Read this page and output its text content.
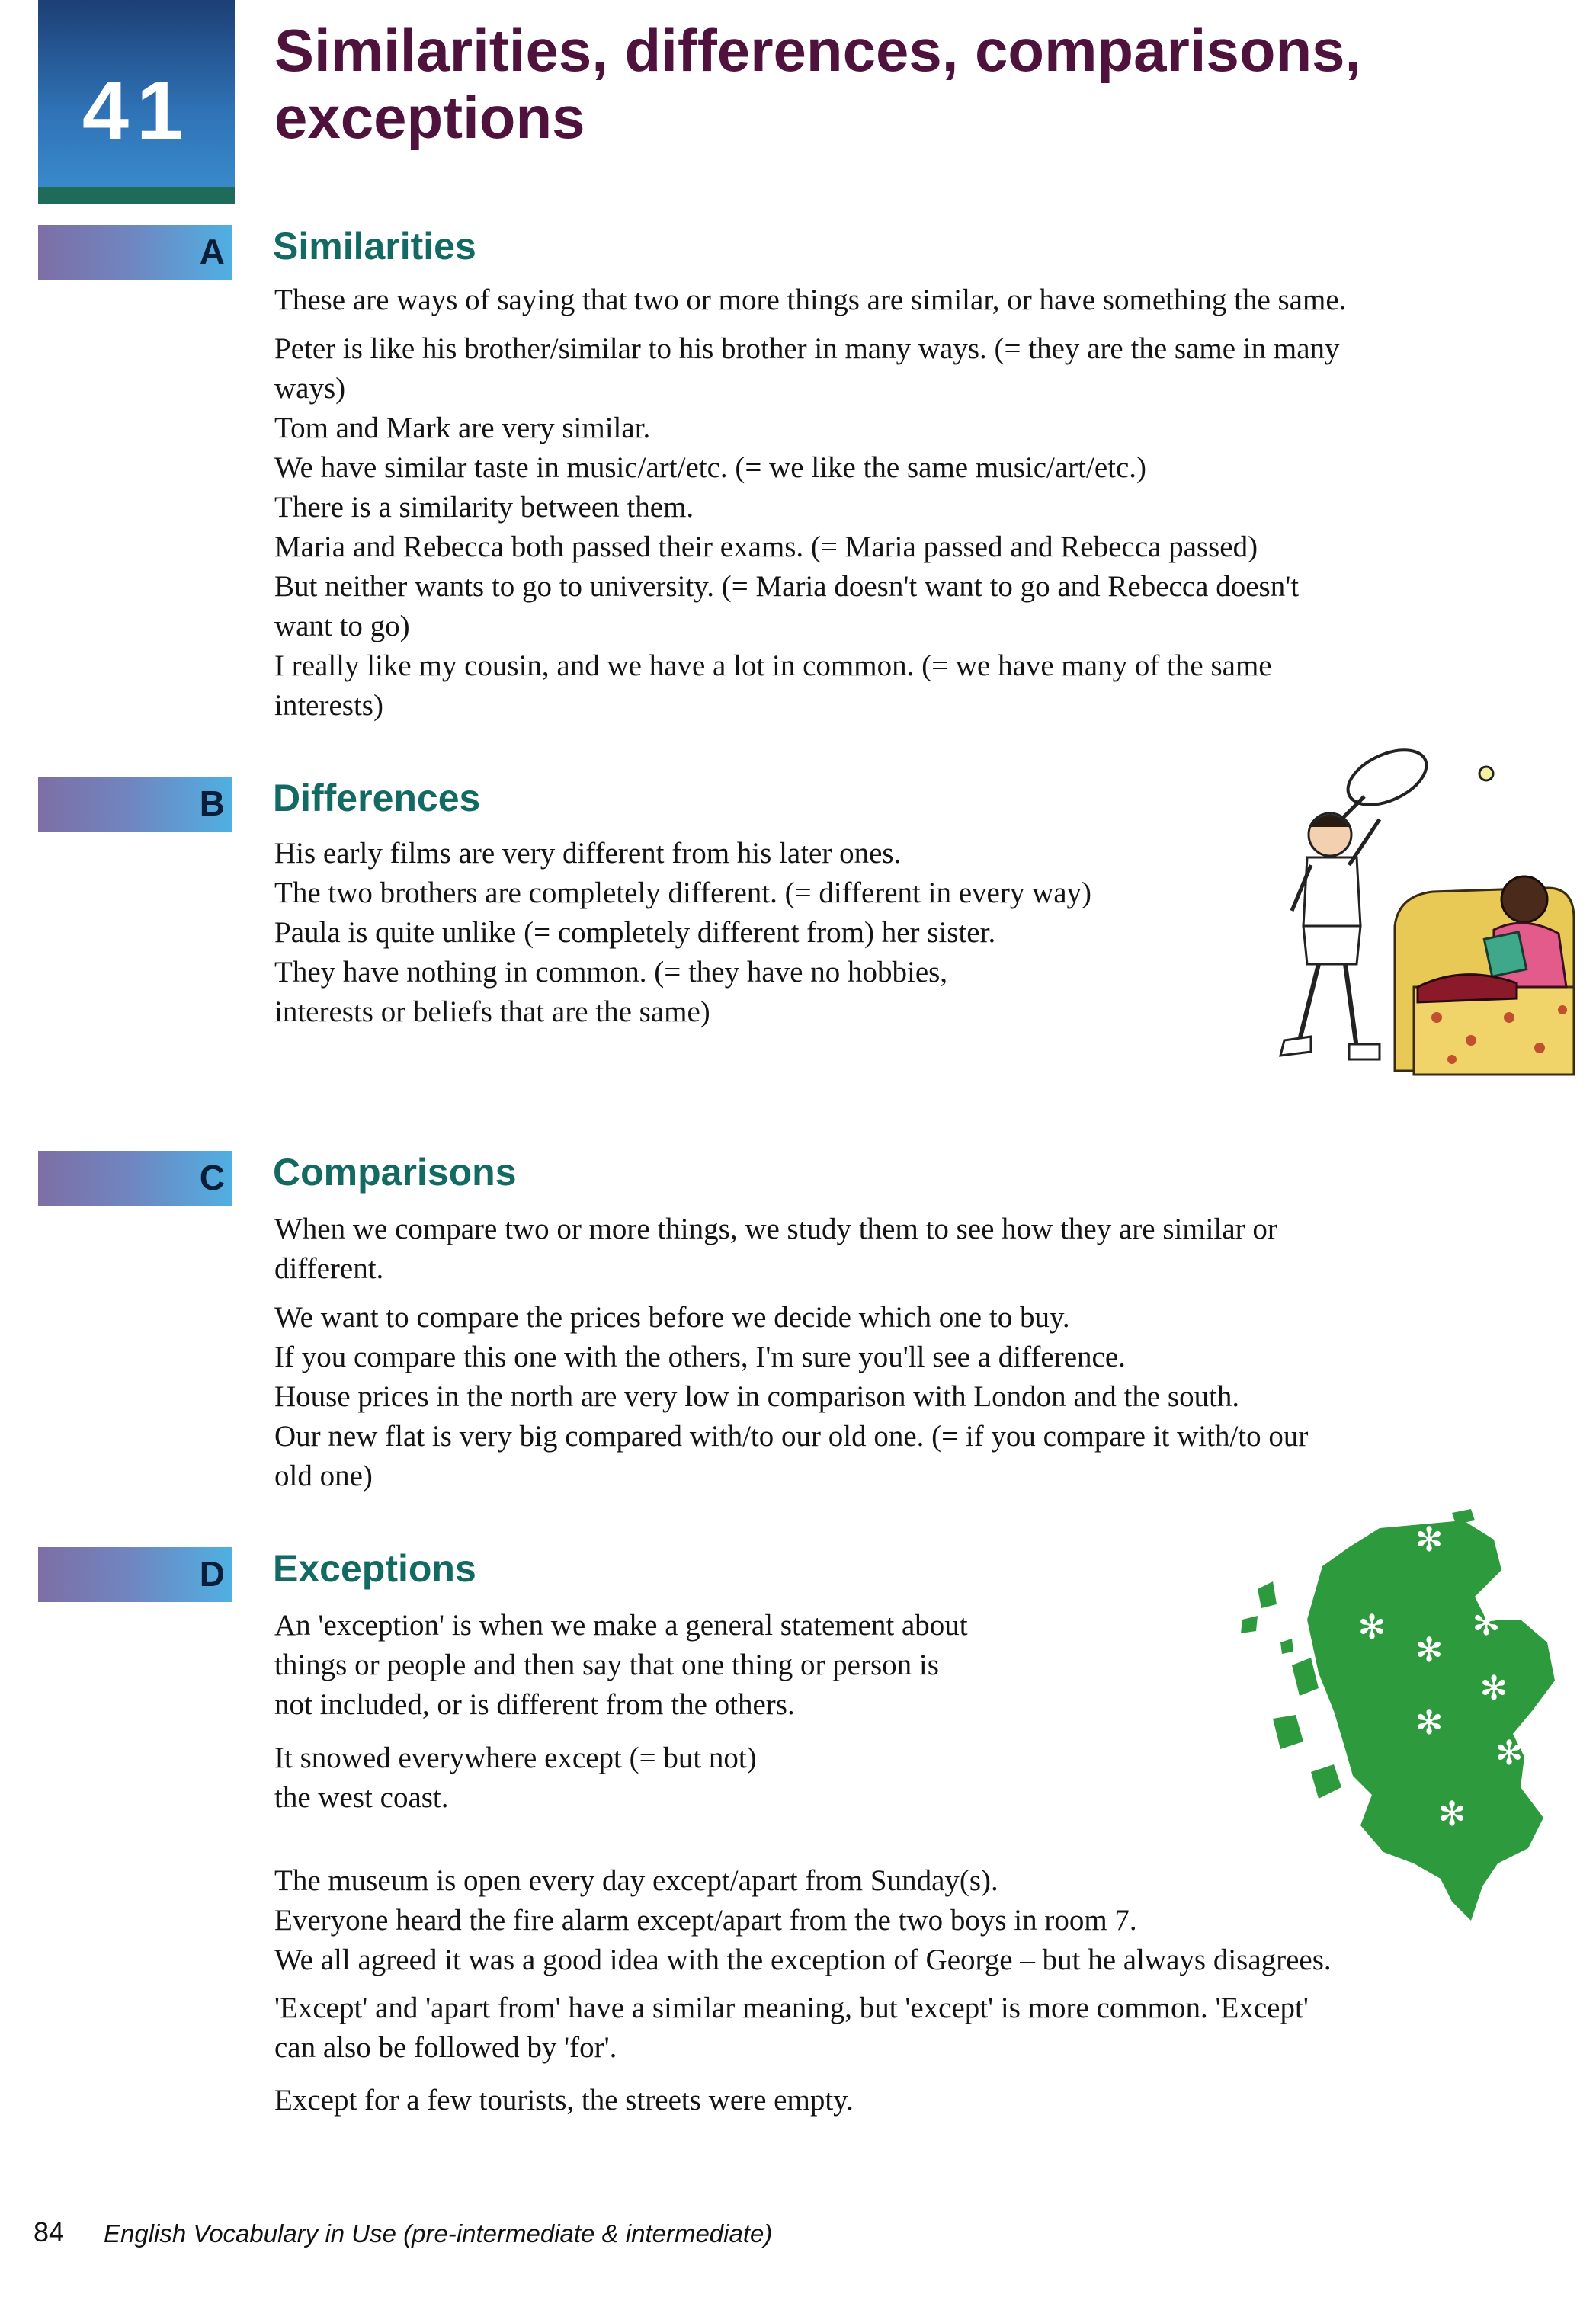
41
Similarities, differences, comparisons, exceptions
A Similarities

These are ways of saying that two or more things are similar, or have something the same.

Peter is like his brother/similar to his brother in many ways. (= they are the same in many
ways)
Tom and Mark are very similar.
We have similar taste in music/art/etc. (= we like the same music/art/etc.)
There is a similarity between them.
Maria and Rebecca both passed their exams. (= Maria passed and Rebecca passed)
But neither wants to go to university. (= Maria doesn't want to go and Rebecca doesn't
want to go)
I really like my cousin, and we have a lot in common. (= we have many of the same
interests)
B Differences
His early films are very different from his later ones.
The two brothers are completely different. (= different in every way)
Paula is quite unlike (= completely different from) her sister.
They have nothing in common. (= they have no hobbies,
interests or beliefs that are the same)
C Comparisons
When we compare two or more things, we study them to see how they are similar or
different.
We want to compare the prices before we decide which one to buy.
If you compare this one with the others, I'm sure you'll see a difference.
House prices in the north are very low in comparison with London and the south.
Our new flat is very big compared with/to our old one. (= if you compare it with/to our
old one)
D Exceptions
An 'exception' is when we make a general statement about
things or people and then say that one thing or person is
not included, or is different from the others.
It snowed everywhere except (= but not)
the west coast.
✻
✻
✻
✻
✻
✻
✻
✻
The museum is open every day except/apart from Sunday(s).
Everyone heard the fire alarm except/apart from the two boys in room 7.
We all agreed it was a good idea with the exception of George – but he always disagrees.
'Except' and 'apart from' have a similar meaning, but 'except' is more common. 'Except'
can also be followed by 'for'.

Except for a few tourists, the streets were empty.

84 English Vocabulary in Use (pre-intermediate & intermediate)
